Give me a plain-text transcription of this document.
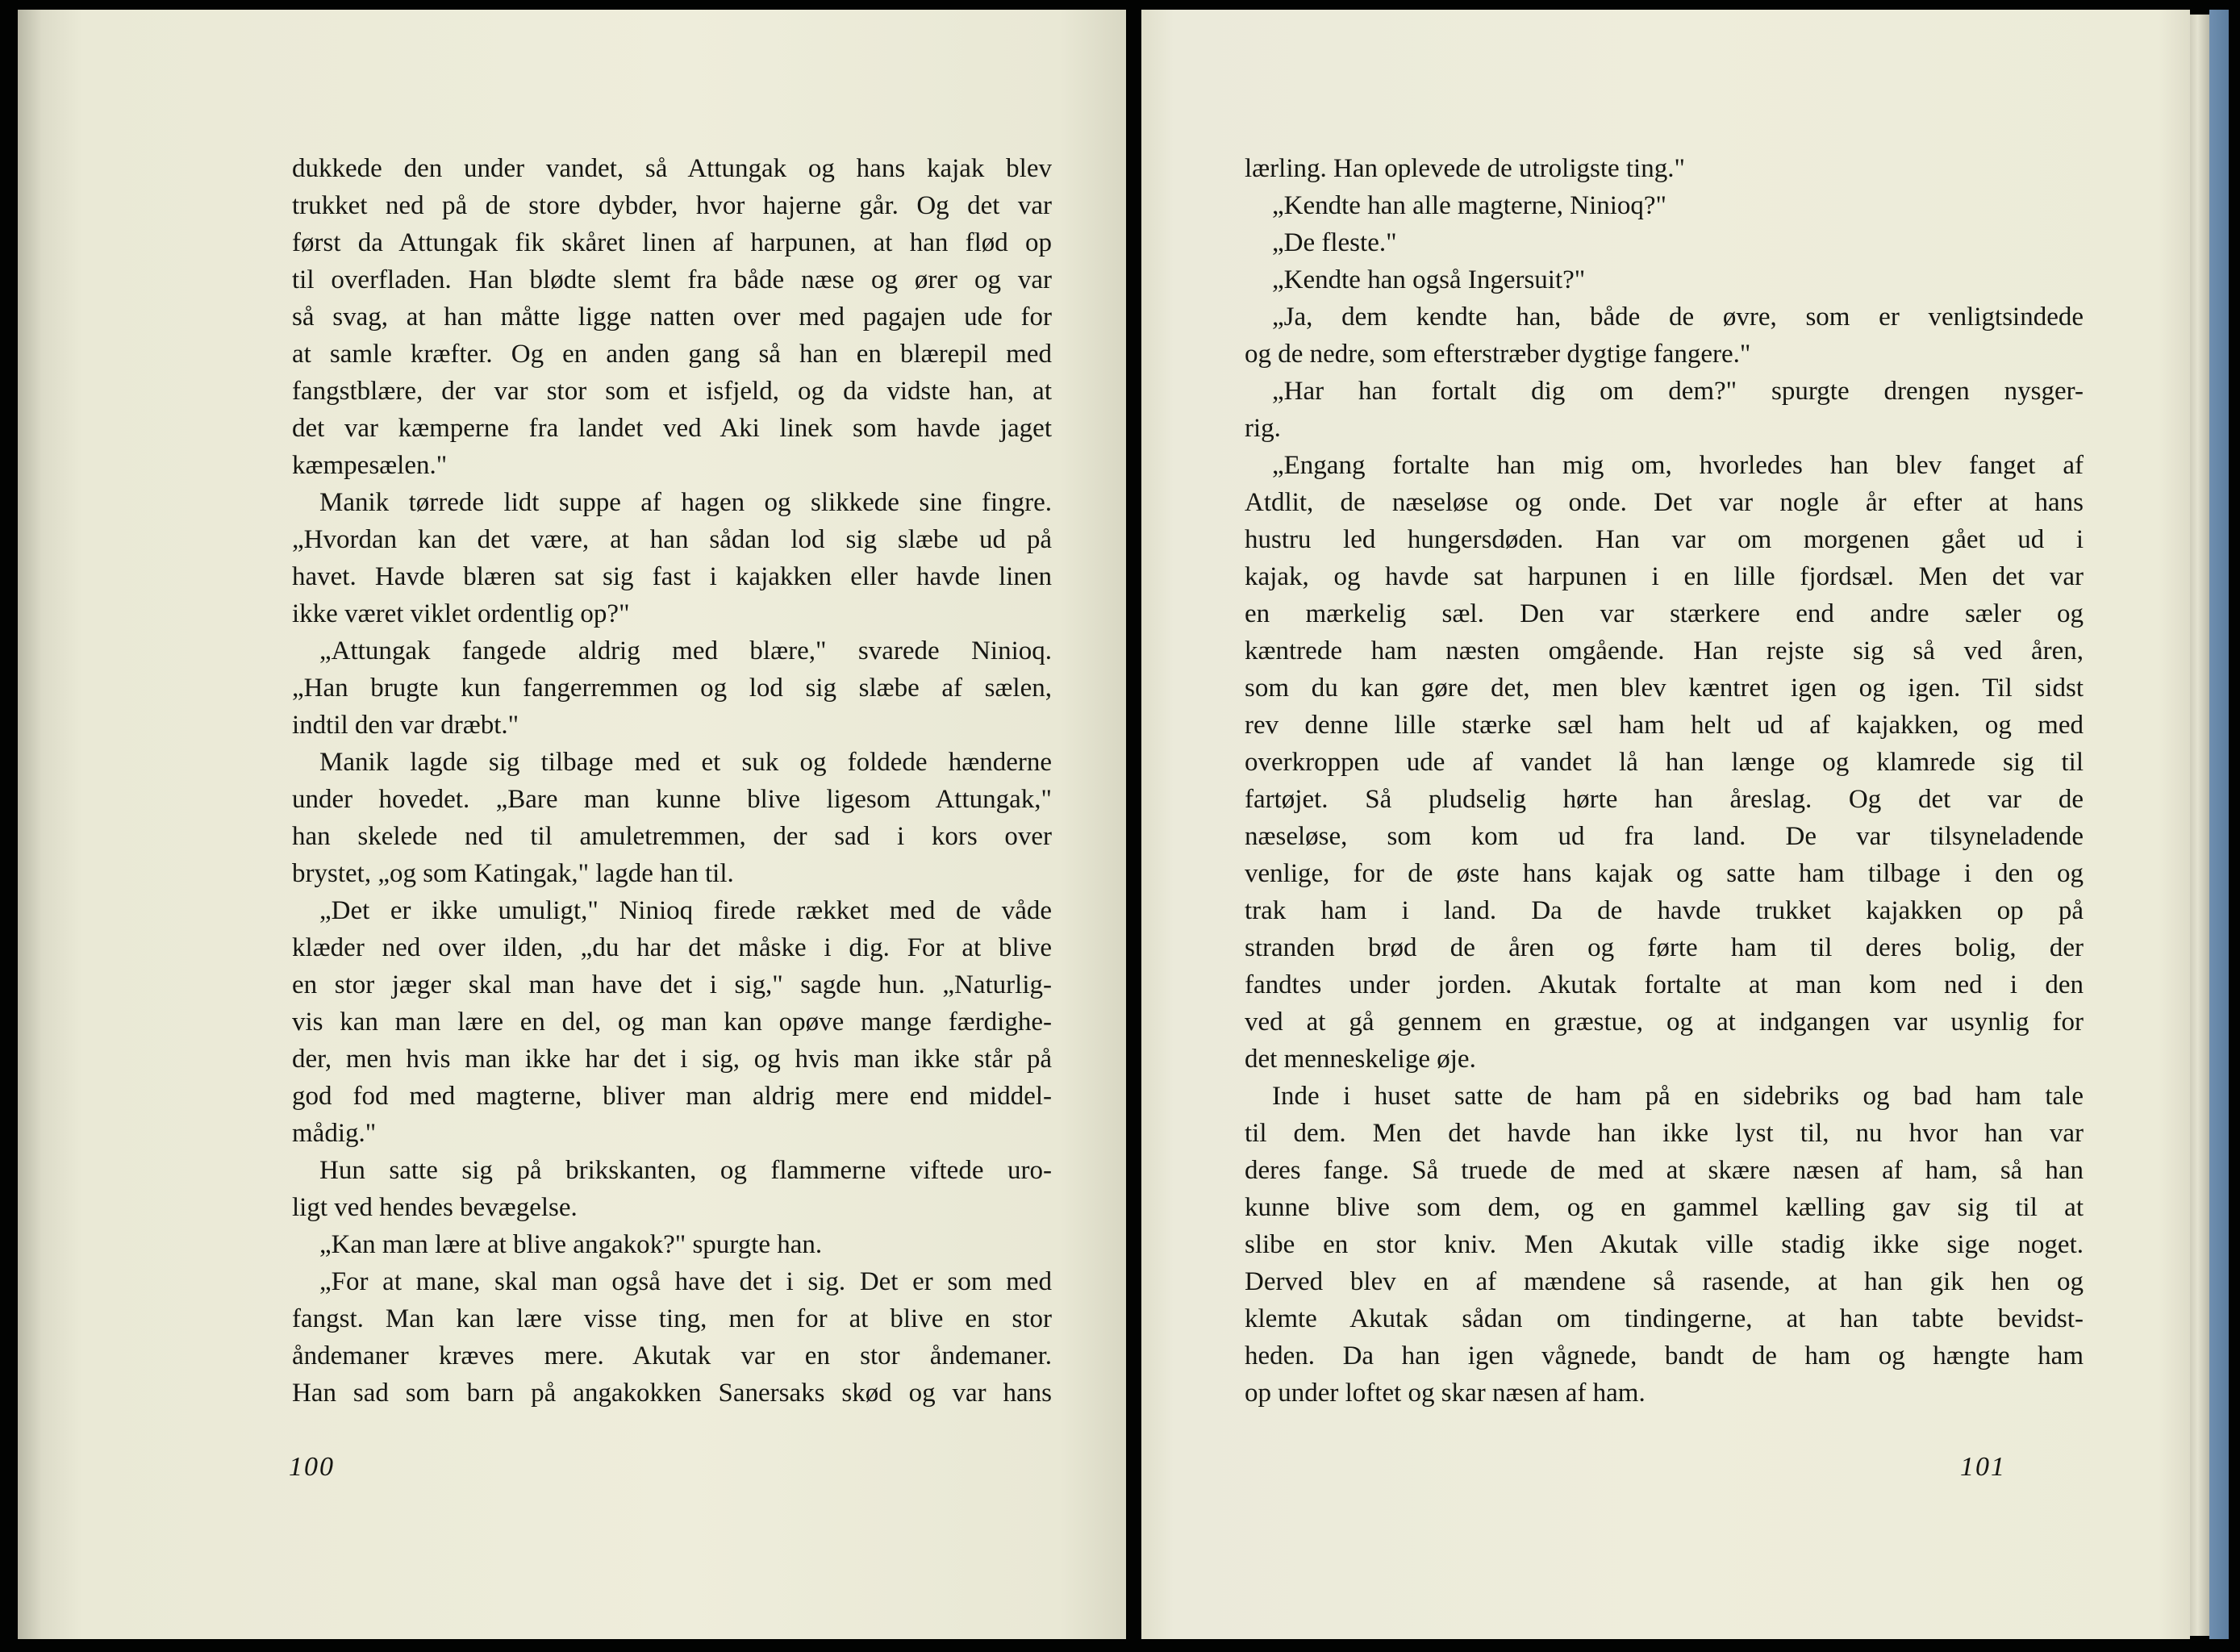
dukkede den under vandet, så Attungak og hans kajak blev

trukket ned på de store dybder, hvor hajerne går. Og det var

først da Attungak fik skåret linen af harpunen, at han flød op

til overfladen. Han blødte slemt fra både næse og ører og var

så svag, at han måtte ligge natten over med pagajen ude for

at samle kræfter. Og en anden gang så han en blærepil med

fangstblære, der var stor som et isfjeld, og da vidste han, at

det var kæmperne fra landet ved Aki linek som havde jaget

kæmpesælen."

Manik tørrede lidt suppe af hagen og slikkede sine fingre.

„Hvordan kan det være, at han sådan lod sig slæbe ud på

havet. Havde blæren sat sig fast i kajakken eller havde linen

ikke været viklet ordentlig op?"

„Attungak fangede aldrig med blære," svarede Ninioq.

„Han brugte kun fangerremmen og lod sig slæbe af sælen,

indtil den var dræbt."

Manik lagde sig tilbage med et suk og foldede hænderne

under hovedet. „Bare man kunne blive ligesom Attungak,"

han skelede ned til amuletremmen, der sad i kors over

brystet, „og som Katingak," lagde han til.

„Det er ikke umuligt," Ninioq firede rækket med de våde

klæder ned over ilden, „du har det måske i dig. For at blive

en stor jæger skal man have det i sig," sagde hun. „Naturlig-

vis kan man lære en del, og man kan opøve mange færdighe-

der, men hvis man ikke har det i sig, og hvis man ikke står på

god fod med magterne, bliver man aldrig mere end middel-

mådig."

Hun satte sig på brikskanten, og flammerne viftede uro-

ligt ved hendes bevægelse.

„Kan man lære at blive angakok?" spurgte han.

„For at mane, skal man også have det i sig. Det er som med

fangst. Man kan lære visse ting, men for at blive en stor

åndemaner kræves mere. Akutak var en stor åndemaner.

Han sad som barn på angakokken Sanersaks skød og var hans

100

lærling. Han oplevede de utroligste ting."

„Kendte han alle magterne, Ninioq?"

„De fleste."

„Kendte han også Ingersuit?"

„Ja, dem kendte han, både de øvre, som er venligtsindede

og de nedre, som efterstræber dygtige fangere."

„Har han fortalt dig om dem?" spurgte drengen nysger-

rig.

„Engang fortalte han mig om, hvorledes han blev fanget af

Atdlit, de næseløse og onde. Det var nogle år efter at hans

hustru led hungersdøden. Han var om morgenen gået ud i

kajak, og havde sat harpunen i en lille fjordsæl. Men det var

en mærkelig sæl. Den var stærkere end andre sæler og

kæntrede ham næsten omgående. Han rejste sig så ved åren,

som du kan gøre det, men blev kæntret igen og igen. Til sidst

rev denne lille stærke sæl ham helt ud af kajakken, og med

overkroppen ude af vandet lå han længe og klamrede sig til

fartøjet. Så pludselig hørte han åreslag. Og det var de

næseløse, som kom ud fra land. De var tilsyneladende

venlige, for de øste hans kajak og satte ham tilbage i den og

trak ham i land. Da de havde trukket kajakken op på

stranden brød de åren og førte ham til deres bolig, der

fandtes under jorden. Akutak fortalte at man kom ned i den

ved at gå gennem en græstue, og at indgangen var usynlig for

det menneskelige øje.

Inde i huset satte de ham på en sidebriks og bad ham tale

til dem. Men det havde han ikke lyst til, nu hvor han var

deres fange. Så truede de med at skære næsen af ham, så han

kunne blive som dem, og en gammel kælling gav sig til at

slibe en stor kniv. Men Akutak ville stadig ikke sige noget.

Derved blev en af mændene så rasende, at han gik hen og

klemte Akutak sådan om tindingerne, at han tabte bevidst-

heden. Da han igen vågnede, bandt de ham og hængte ham

op under loftet og skar næsen af ham.

101
